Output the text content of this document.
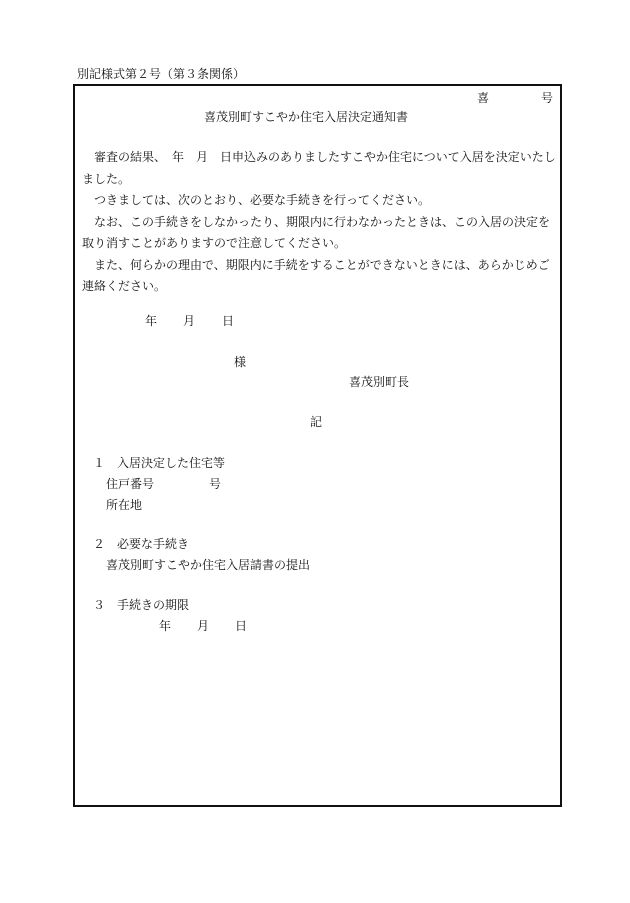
別記様式第２号（第３条関係）
喜	号
喜茂別町すこやか住宅入居決定通知書

審査の結果、　年　月　日申込みのありましたすこやか住宅について入居を決定いたしました。

つきましては、次のとおり、必要な手続きを行ってください。

なお、この手続きをしなかったり、期限内に行わなかったときは、この入居の決定を取り消すことがありますので注意してください。

また、何らかの理由で、期限内に手続をすることができないときには、あらかじめご連絡ください。

年 月 日
様
喜茂別町長
記
１　入居決定した住宅等
住戸番号	号
所在地
２　必要な手続き
喜茂別町すこやか住宅入居請書の提出
３　手続きの期限
年 月 日
